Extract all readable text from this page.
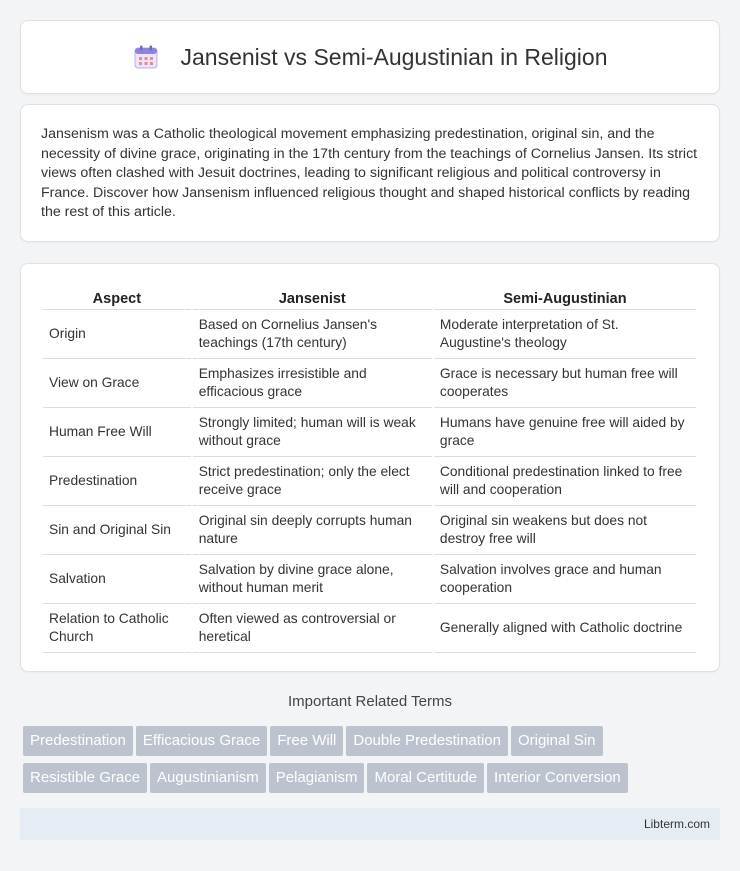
Jansenist vs Semi-Augustinian in Religion

Jansenism was a Catholic theological movement emphasizing predestination, original sin, and the necessity of divine grace, originating in the 17th century from the teachings of Cornelius Jansen. Its strict views often clashed with Jesuit doctrines, leading to significant religious and political controversy in France. Discover how Jansenism influenced religious thought and shaped historical conflicts by reading the rest of this article.

Aspect	Jansenist	Semi-Augustinian
Origin	Based on Cornelius Jansen's teachings (17th century)	Moderate interpretation of St. Augustine's theology
View on Grace	Emphasizes irresistible and efficacious grace	Grace is necessary but human free will cooperates
Human Free Will	Strongly limited; human will is weak without grace	Humans have genuine free will aided by grace
Predestination	Strict predestination; only the elect receive grace	Conditional predestination linked to free will and cooperation
Sin and Original Sin	Original sin deeply corrupts human nature	Original sin weakens but does not destroy free will
Salvation	Salvation by divine grace alone, without human merit	Salvation involves grace and human cooperation
Relation to Catholic Church	Often viewed as controversial or heretical	Generally aligned with Catholic doctrine
Important Related Terms
Predestination Efficacious Grace Free Will Double Predestination Original Sin
Resistible Grace Augustinianism Pelagianism Moral Certitude Interior Conversion
Libterm.com
